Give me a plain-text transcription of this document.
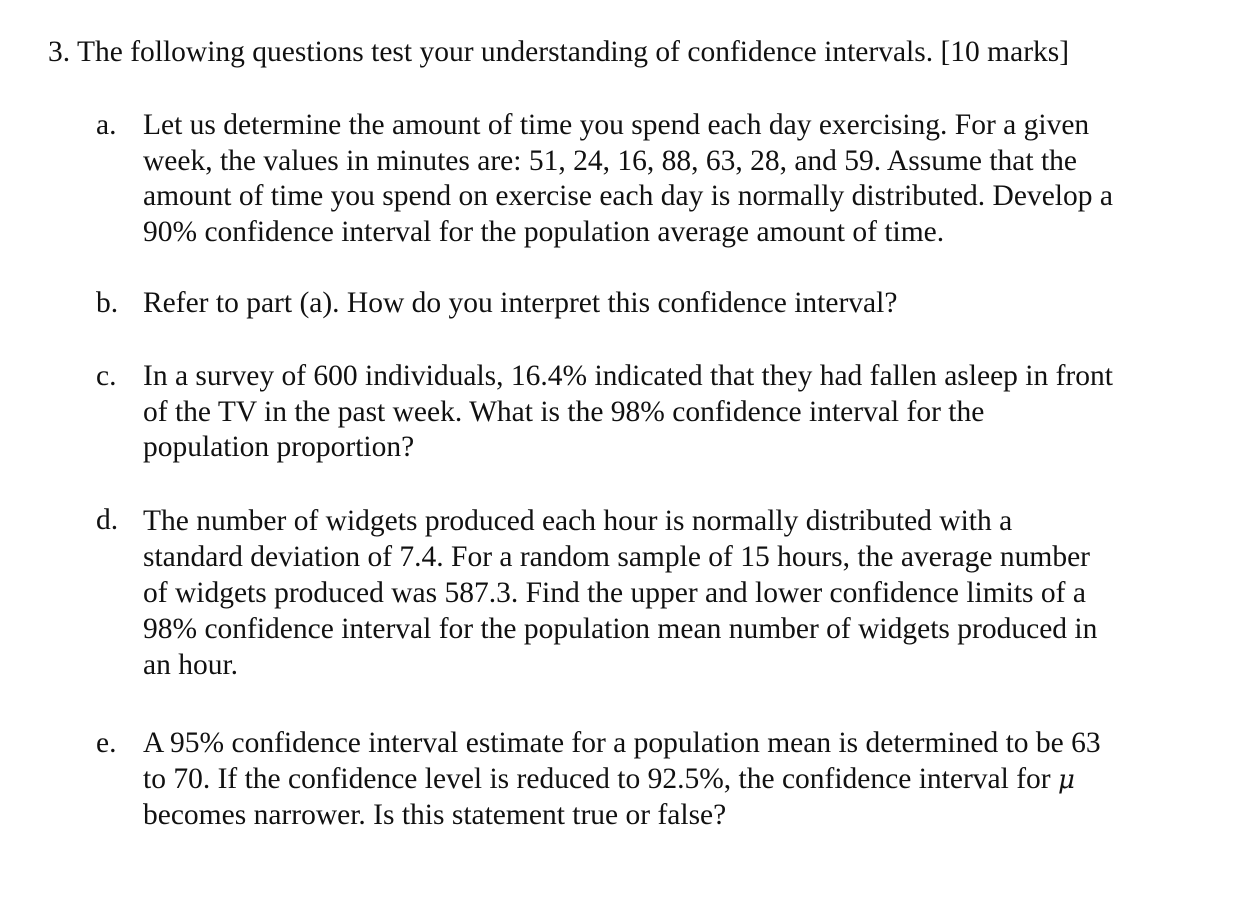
3. The following questions test your understanding of confidence intervals. [10 marks]
a. Let us determine the amount of time you spend each day exercising. For a given
week, the values in minutes are: 51, 24, 16, 88, 63, 28, and 59. Assume that the
amount of time you spend on exercise each day is normally distributed. Develop a
90% confidence interval for the population average amount of time.
b. Refer to part (a). How do you interpret this confidence interval?
c. In a survey of 600 individuals, 16.4% indicated that they had fallen asleep in front
of the TV in the past week. What is the 98% confidence interval for the
population proportion?
d. The number of widgets produced each hour is normally distributed with a
standard deviation of 7.4. For a random sample of 15 hours, the average number
of widgets produced was 587.3. Find the upper and lower confidence limits of a
98% confidence interval for the population mean number of widgets produced in
an hour.
e. A 95% confidence interval estimate for a population mean is determined to be 63
to 70. If the confidence level is reduced to 92.5%, the confidence interval for μ
becomes narrower. Is this statement true or false?
